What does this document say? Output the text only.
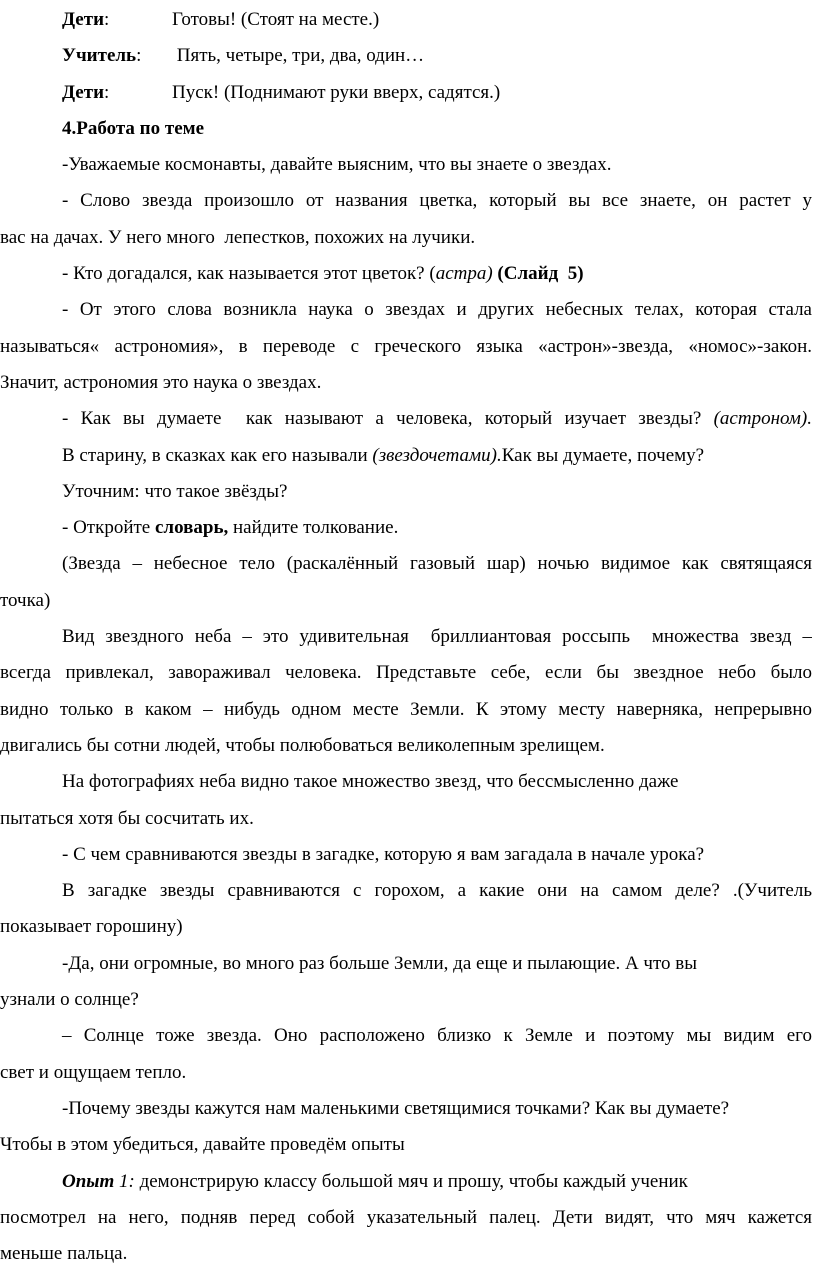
Дети:	Готовы! (Стоят на месте.)
Учитель: Пять, четыре, три, два, один…
Дети:	Пуск! (Поднимают руки вверх, садятся.)
4.Работа по теме
-Уважаемые космонавты, давайте выясним, что вы знаете о звездах.
- Слово звезда произошло от названия цветка, который вы все знаете, он растет у
вас на дачах. У него много  лепестков, похожих на лучики.
- Кто догадался, как называется этот цветок? (астра) (Слайд  5)
- От этого слова возникла наука о звездах и других небесных телах, которая стала
называться« астрономия», в переводе с греческого языка «астрон»-звезда, «номос»-закон.
Значит, астрономия это наука о звездах.
- Как вы думаете  как называют а человека, который изучает звезды? (астроном).
В старину, в сказках как его называли (звездочетами).Как вы думаете, почему?
Уточним: что такое звёзды?
- Откройте словарь, найдите толкование.
(Звезда – небесное тело (раскалённый газовый шар) ночью видимое как святящаяся
точка)
Вид звездного неба – это удивительная  бриллиантовая россыпь  множества звезд –
всегда привлекал, завораживал человека. Представьте себе, если бы звездное небо было
видно только в каком – нибудь одном месте Земли. К этому месту наверняка, непрерывно
двигались бы сотни людей, чтобы полюбоваться великолепным зрелищем.
На фотографиях неба видно такое множество звезд, что бессмысленно даже
пытаться хотя бы сосчитать их.
- С чем сравниваются звезды в загадке, которую я вам загадала в начале урока?
В загадке звезды сравниваются с горохом, а какие они на самом деле? .(Учитель
показывает горошину)
-Да, они огромные, во много раз больше Земли, да еще и пылающие. А что вы
узнали о солнце?
– Солнце тоже звезда. Оно расположено близко к Земле и поэтому мы видим его
свет и ощущаем тепло.
-Почему звезды кажутся нам маленькими светящимися точками? Как вы думаете?
Чтобы в этом убедиться, давайте проведём опыты
Опыт 1: демонстрирую классу большой мяч и прошу, чтобы каждый ученик
посмотрел на него, подняв перед собой указательный палец. Дети видят, что мяч кажется
меньше пальца.
